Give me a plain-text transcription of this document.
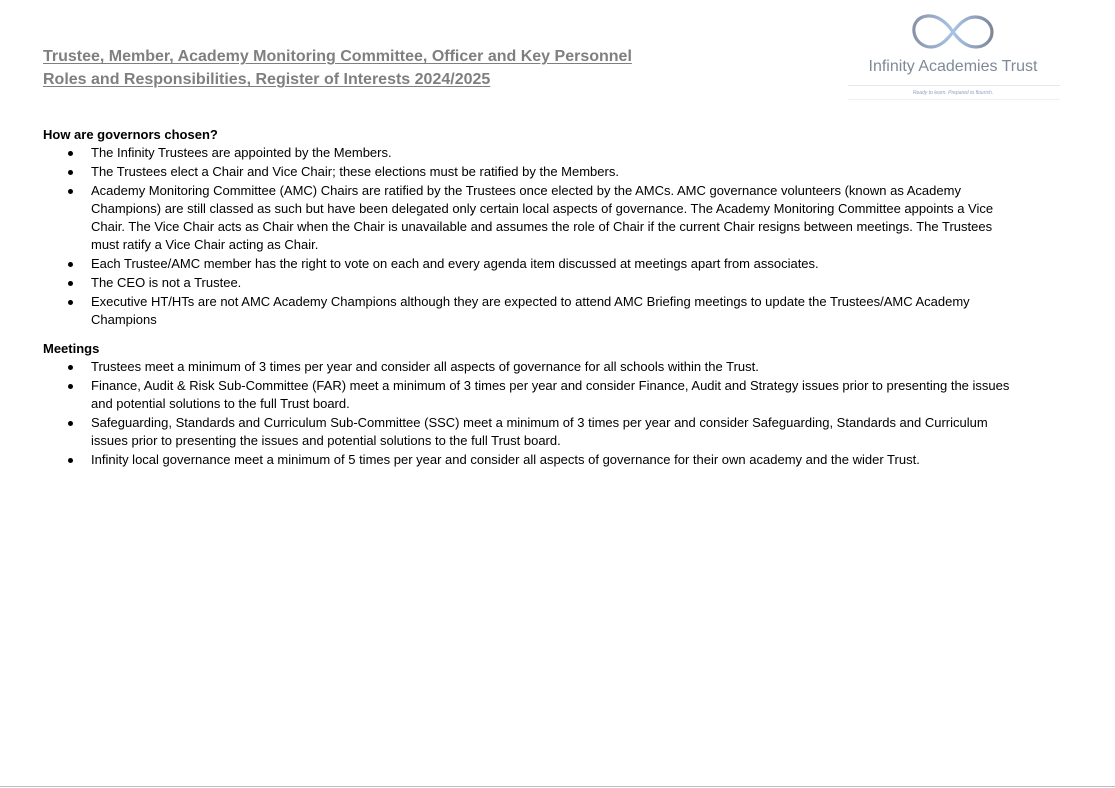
Trustee, Member, Academy Monitoring Committee, Officer and Key Personnel
Roles and Responsibilities, Register of Interests 2024/2025
Infinity Academies Trust
Ready to learn. Prepared to flourish.

How are governors chosen?

The Infinity Trustees are appointed by the Members.
The Trustees elect a Chair and Vice Chair; these elections must be ratified by the Members.
Academy Monitoring Committee (AMC) Chairs are ratified by the Trustees once elected by the AMCs. AMC governance volunteers (known as Academy Champions) are still classed as such but have been delegated only certain local aspects of governance. The Academy Monitoring Committee appoints a Vice Chair. The Vice Chair acts as Chair when the Chair is unavailable and assumes the role of Chair if the current Chair resigns between meetings. The Trustees must ratify a Vice Chair acting as Chair.
Each Trustee/AMC member has the right to vote on each and every agenda item discussed at meetings apart from associates.
The CEO is not a Trustee.
Executive HT/HTs are not AMC Academy Champions although they are expected to attend AMC Briefing meetings to update the Trustees/AMC Academy Champions

Meetings

Trustees meet a minimum of 3 times per year and consider all aspects of governance for all schools within the Trust.
Finance, Audit & Risk Sub-Committee (FAR) meet a minimum of 3 times per year and consider Finance, Audit and Strategy issues prior to presenting the issues and potential solutions to the full Trust board.
Safeguarding, Standards and Curriculum Sub-Committee (SSC) meet a minimum of 3 times per year and consider Safeguarding, Standards and Curriculum issues prior to presenting the issues and potential solutions to the full Trust board.
Infinity local governance meet a minimum of 5 times per year and consider all aspects of governance for their own academy and the wider Trust.
